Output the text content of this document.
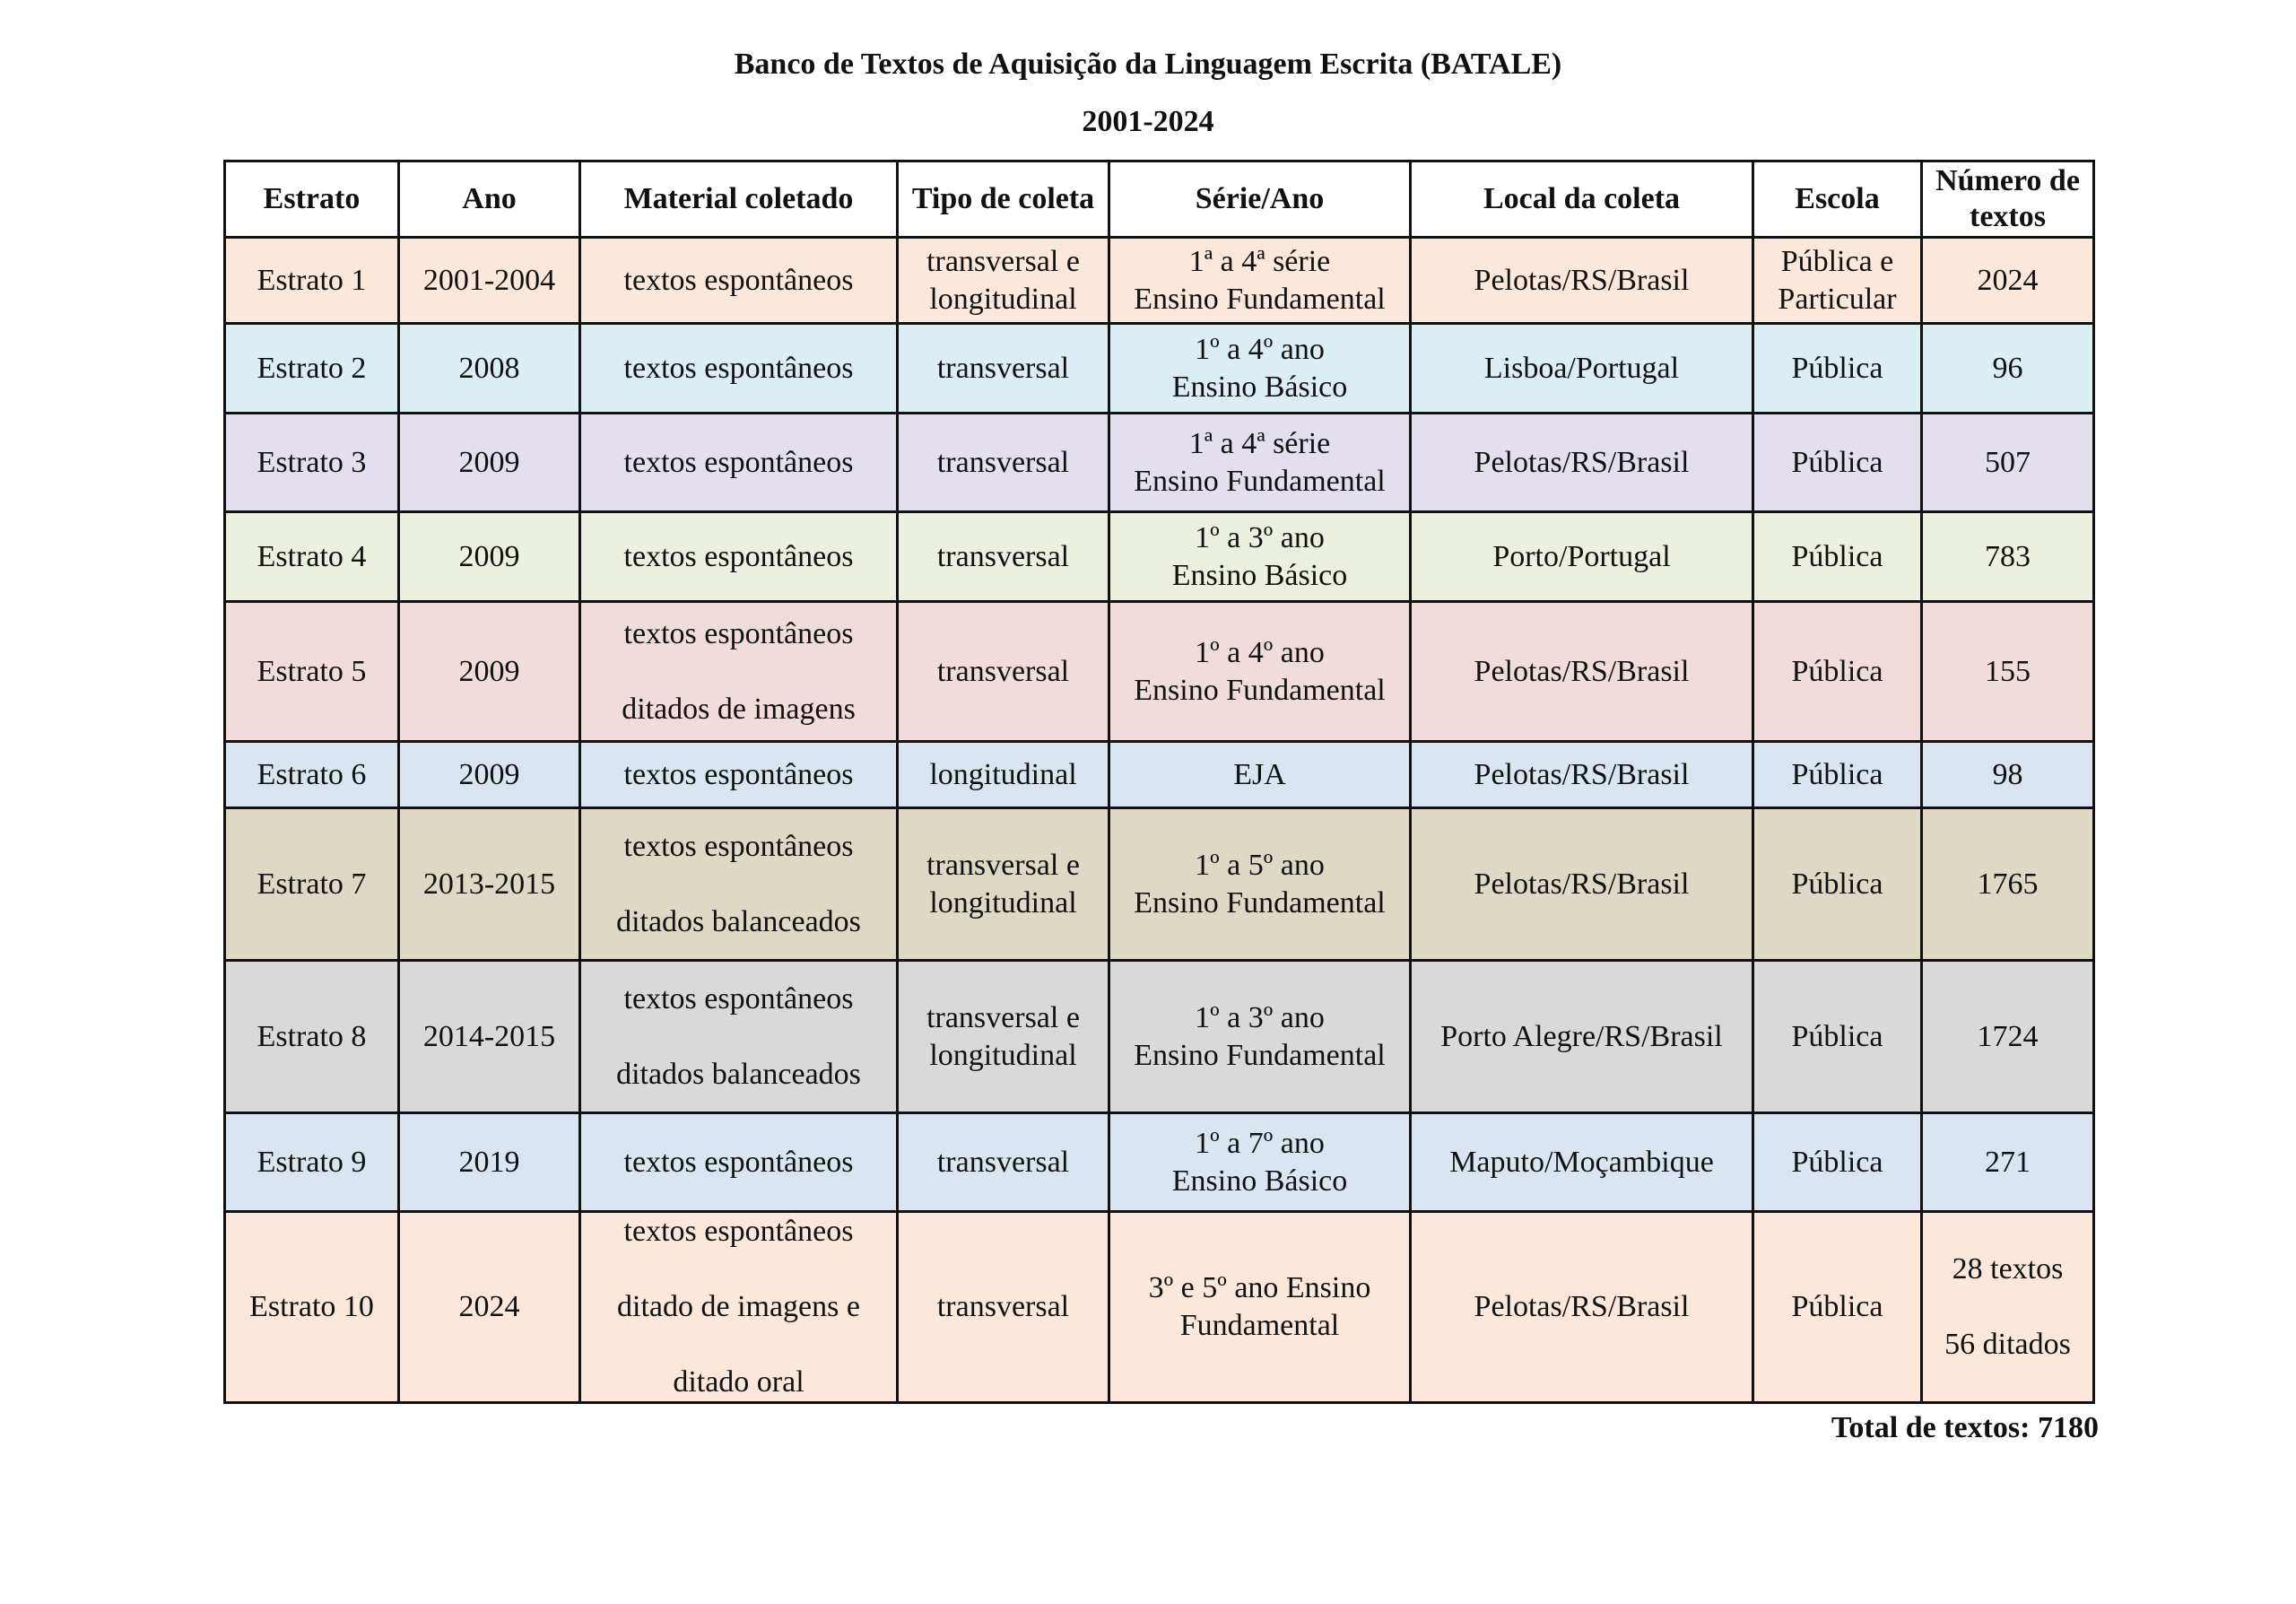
Banco de Textos de Aquisição da Linguagem Escrita (BATALE)
2001-2024
Estrato	Ano	Material coletado	Tipo de coleta	Série/Ano	Local da coleta	Escola	Número de textos
Estrato 1	2001-2004	textos espontâneos	transversal e
longitudinal	1ª a 4ª série
Ensino Fundamental	Pelotas/RS/Brasil	Pública e
Particular	2024

Estrato 2	2008	textos espontâneos	transversal	1º a 4º ano
Ensino Básico	Lisboa/Portugal	Pública	96

Estrato 3	2009	textos espontâneos	transversal	1ª a 4ª série
Ensino Fundamental	Pelotas/RS/Brasil	Pública	507

Estrato 4	2009	textos espontâneos	transversal	1º a 3º ano
Ensino Básico	Porto/Portugal	Pública	783

Estrato 5	2009	textos espontâneos
ditados de imagens	transversal	1º a 4º ano
Ensino Fundamental	Pelotas/RS/Brasil	Pública	155

Estrato 6	2009	textos espontâneos	longitudinal	EJA	Pelotas/RS/Brasil	Pública	98

Estrato 7	2013-2015	textos espontâneos
ditados balanceados	transversal e
longitudinal	1º a 5º ano
Ensino Fundamental	Pelotas/RS/Brasil	Pública	1765

Estrato 8	2014-2015	textos espontâneos
ditados balanceados	transversal e
longitudinal	1º a 3º ano
Ensino Fundamental	Porto Alegre/RS/Brasil	Pública	1724

Estrato 9	2019	textos espontâneos	transversal	1º a 7º ano
Ensino Básico	Maputo/Moçambique	Pública	271

Estrato 10	2024	textos espontâneos
ditado de imagens e
ditado oral	transversal	3º e 5º ano Ensino
Fundamental	Pelotas/RS/Brasil	Pública	28 textos
56 ditados
Total de textos: 7180
